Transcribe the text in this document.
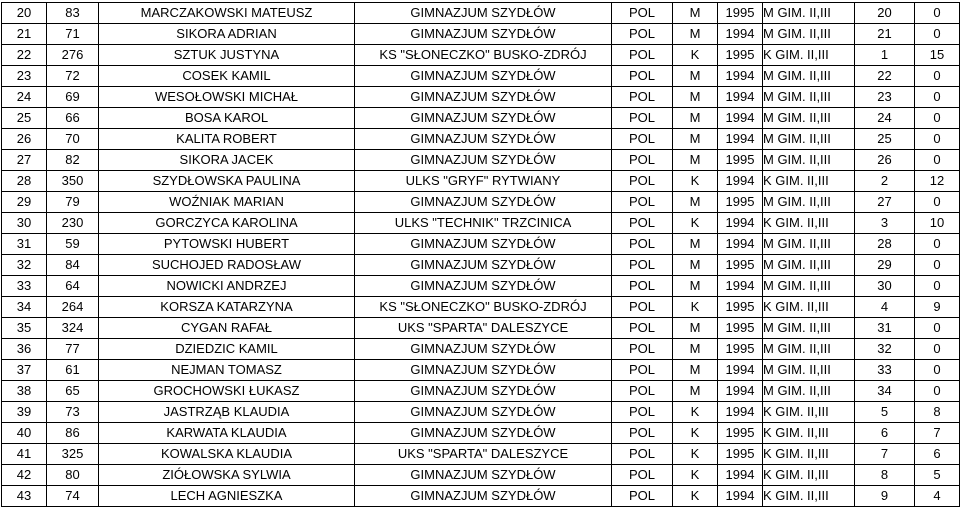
20	83	MARCZAKOWSKI MATEUSZ	GIMNAZJUM SZYDŁÓW	POL	M	1995	M GIM. II,III	20	0
21	71	SIKORA ADRIAN	GIMNAZJUM SZYDŁÓW	POL	M	1994	M GIM. II,III	21	0
22	276	SZTUK JUSTYNA	KS "SŁONECZKO" BUSKO-ZDRÓJ	POL	K	1995	K GIM. II,III	1	15
23	72	COSEK KAMIL	GIMNAZJUM SZYDŁÓW	POL	M	1994	M GIM. II,III	22	0
24	69	WESOŁOWSKI MICHAŁ	GIMNAZJUM SZYDŁÓW	POL	M	1994	M GIM. II,III	23	0
25	66	BOSA KAROL	GIMNAZJUM SZYDŁÓW	POL	M	1994	M GIM. II,III	24	0
26	70	KALITA ROBERT	GIMNAZJUM SZYDŁÓW	POL	M	1994	M GIM. II,III	25	0
27	82	SIKORA JACEK	GIMNAZJUM SZYDŁÓW	POL	M	1995	M GIM. II,III	26	0
28	350	SZYDŁOWSKA PAULINA	ULKS "GRYF" RYTWIANY	POL	K	1994	K GIM. II,III	2	12
29	79	WOŹNIAK MARIAN	GIMNAZJUM SZYDŁÓW	POL	M	1995	M GIM. II,III	27	0
30	230	GORCZYCA KAROLINA	ULKS "TECHNIK" TRZCINICA	POL	K	1994	K GIM. II,III	3	10
31	59	PYTOWSKI HUBERT	GIMNAZJUM SZYDŁÓW	POL	M	1994	M GIM. II,III	28	0
32	84	SUCHOJED RADOSŁAW	GIMNAZJUM SZYDŁÓW	POL	M	1995	M GIM. II,III	29	0
33	64	NOWICKI ANDRZEJ	GIMNAZJUM SZYDŁÓW	POL	M	1994	M GIM. II,III	30	0
34	264	KORSZA KATARZYNA	KS "SŁONECZKO" BUSKO-ZDRÓJ	POL	K	1995	K GIM. II,III	4	9
35	324	CYGAN RAFAŁ	UKS "SPARTA" DALESZYCE	POL	M	1995	M GIM. II,III	31	0
36	77	DZIEDZIC KAMIL	GIMNAZJUM SZYDŁÓW	POL	M	1995	M GIM. II,III	32	0
37	61	NEJMAN TOMASZ	GIMNAZJUM SZYDŁÓW	POL	M	1994	M GIM. II,III	33	0
38	65	GROCHOWSKI ŁUKASZ	GIMNAZJUM SZYDŁÓW	POL	M	1994	M GIM. II,III	34	0
39	73	JASTRZĄB KLAUDIA	GIMNAZJUM SZYDŁÓW	POL	K	1994	K GIM. II,III	5	8
40	86	KARWATA KLAUDIA	GIMNAZJUM SZYDŁÓW	POL	K	1995	K GIM. II,III	6	7
41	325	KOWALSKA KLAUDIA	UKS "SPARTA" DALESZYCE	POL	K	1995	K GIM. II,III	7	6
42	80	ZIÓŁOWSKA SYLWIA	GIMNAZJUM SZYDŁÓW	POL	K	1994	K GIM. II,III	8	5
43	74	LECH AGNIESZKA	GIMNAZJUM SZYDŁÓW	POL	K	1994	K GIM. II,III	9	4
